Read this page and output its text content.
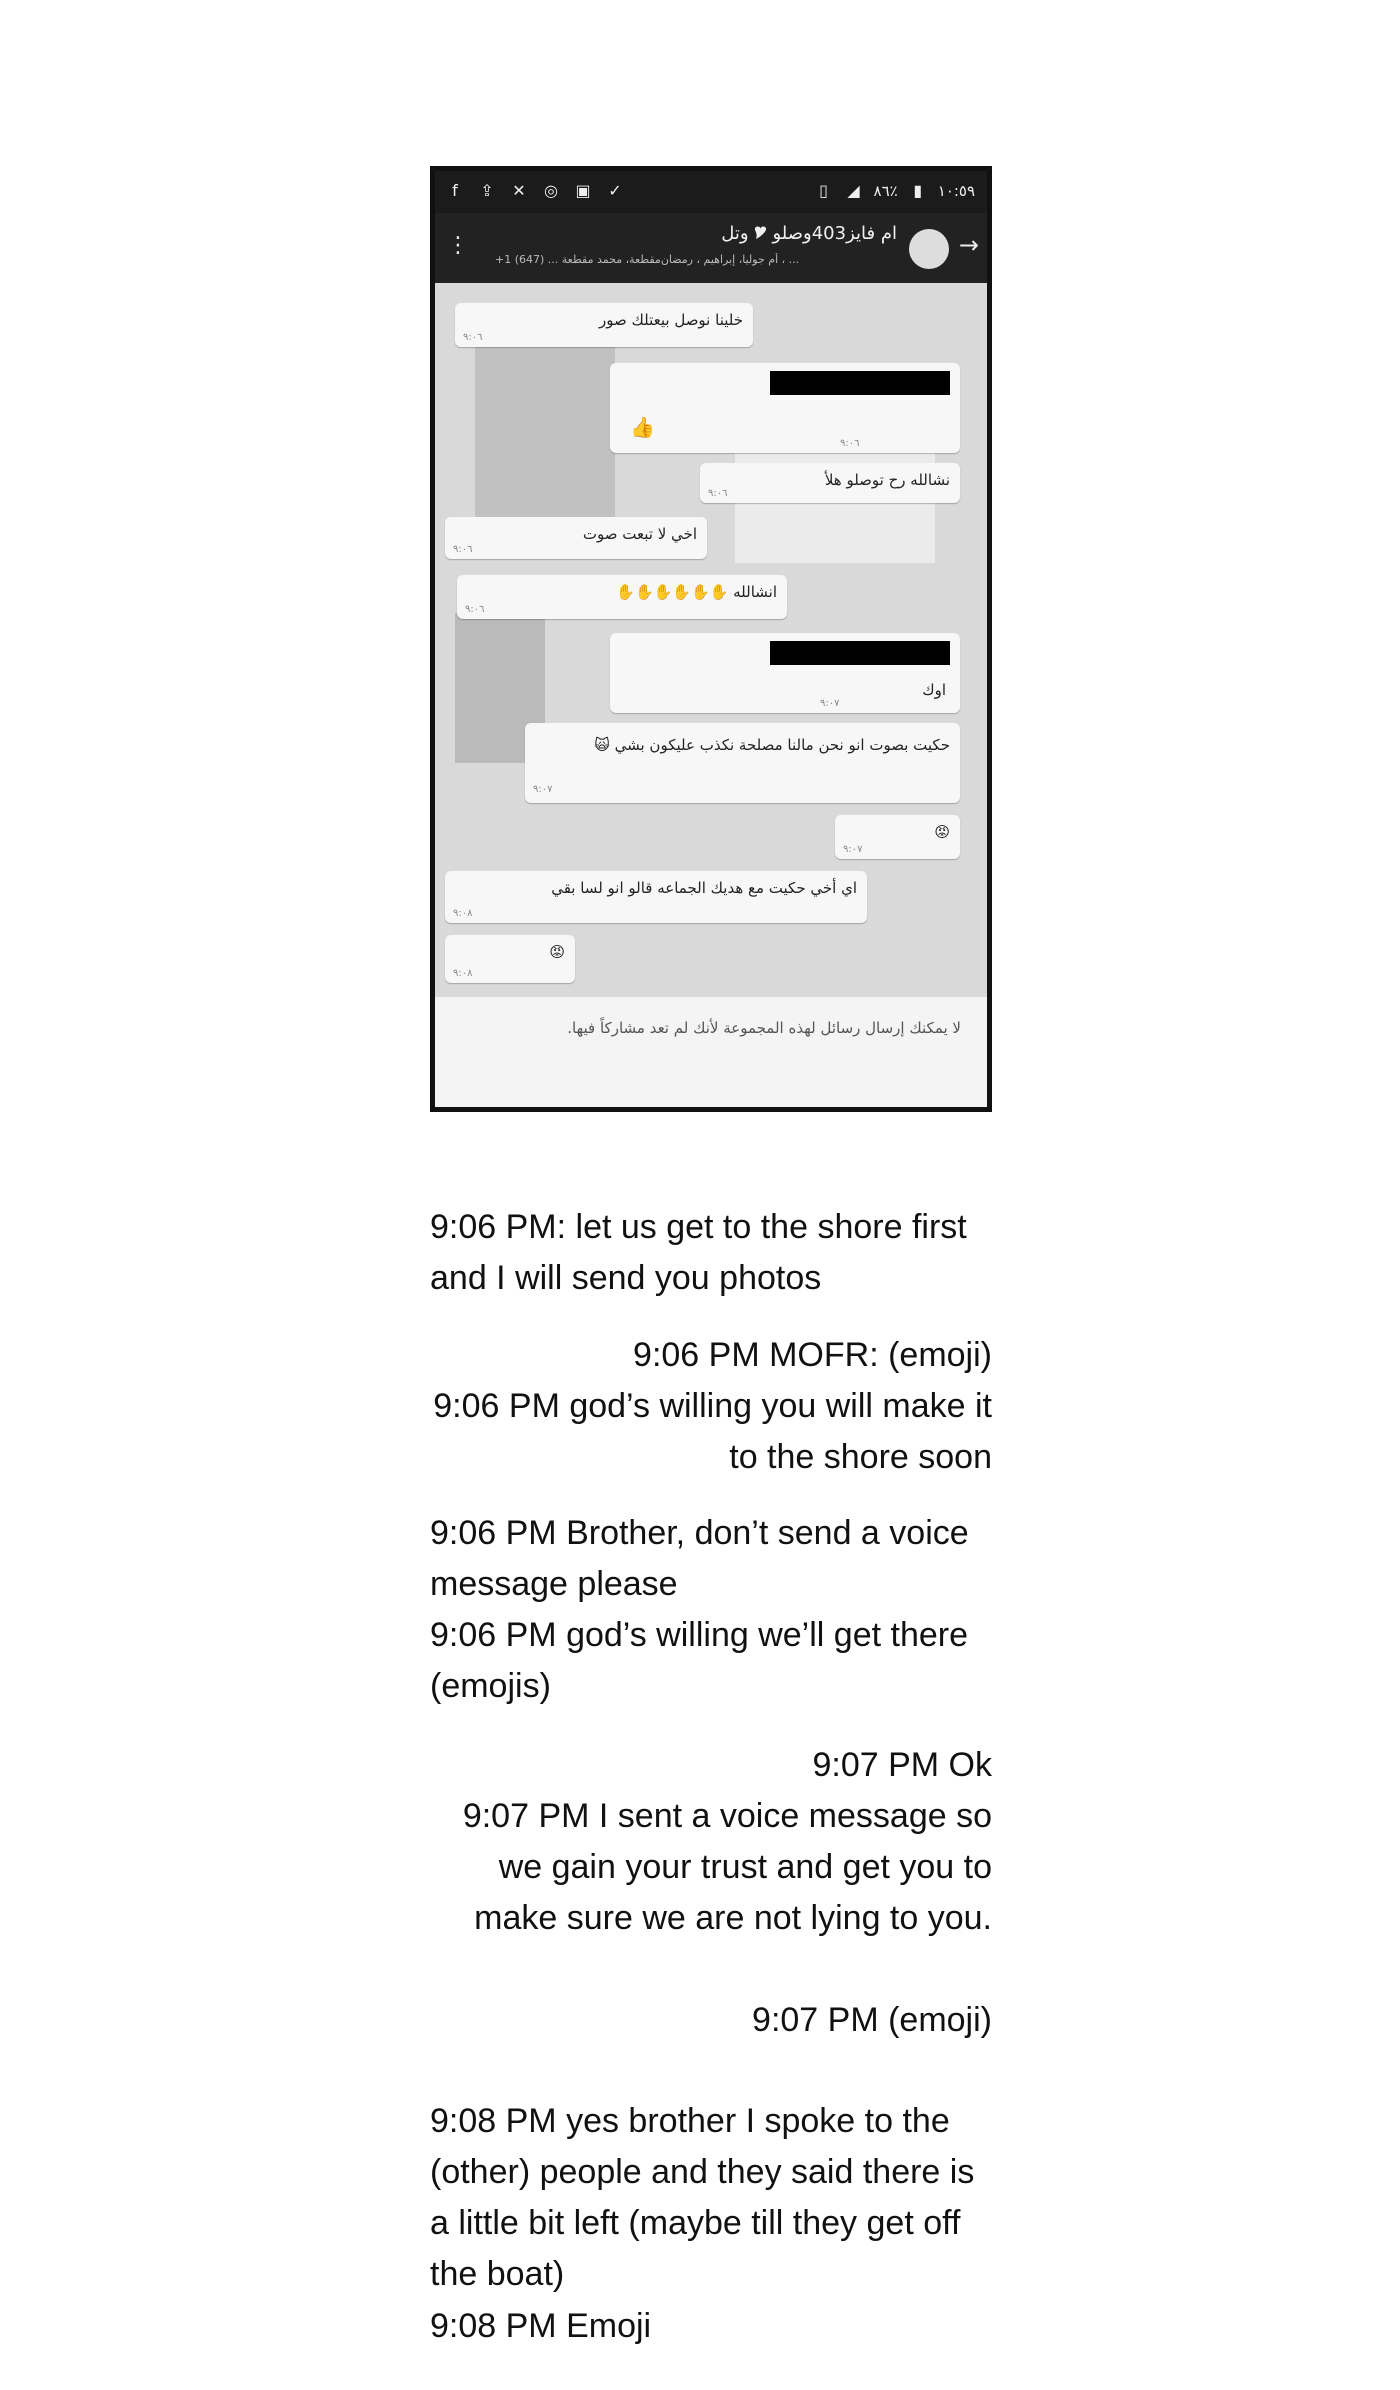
f	⇪ ✕ ◎ ▣ ✓	▯	◢ ٨٦٪ ▮	١٠:٥٩
⋮	ام فايز403وصلو 🎔 وتل
+1 (647) ... أم جوليا، إبراهيم ، رمضان‌مقطعة، محمد مقطعة ، ...
→
خلينا نوصل بيعتلك صور
٩:٠٦
٩:٠٦
👍
نشالله رح توصلو هلأ
٩:٠٦
اخي لا تبعت صوت
٩:٠٦
انشالله ✋✋✋✋✋✋
٩:٠٦
اوك
٩:٠٧
حكيت بصوت انو نحن مالنا مصلحة نكذب عليكون بشي 🙀
٩:٠٧
😡
٩:٠٧
اي أخي حكيت مع هديك الجماعه قالو انو لسا بقي
٩:٠٨
😡
٩:٠٨
لا يمكنك إرسال رسائل لهذه المجموعة لأنك لم تعد مشاركاً فيها.
9:06 PM: let us get to the shore first and I will send you photos
9:06 PM MOFR: (emoji)
9:06 PM god’s willing you will make it to the shore soon
9:06 PM Brother, don’t send a voice message please
9:06 PM god’s willing we’ll get there (emojis)
9:07 PM Ok
9:07 PM I sent a voice message so we gain your trust and get you to make sure we are not lying to you.
9:07 PM (emoji)
9:08 PM yes brother I spoke to the (other) people and they said there is a little bit left (maybe till they get off the boat)
9:08 PM Emoji
